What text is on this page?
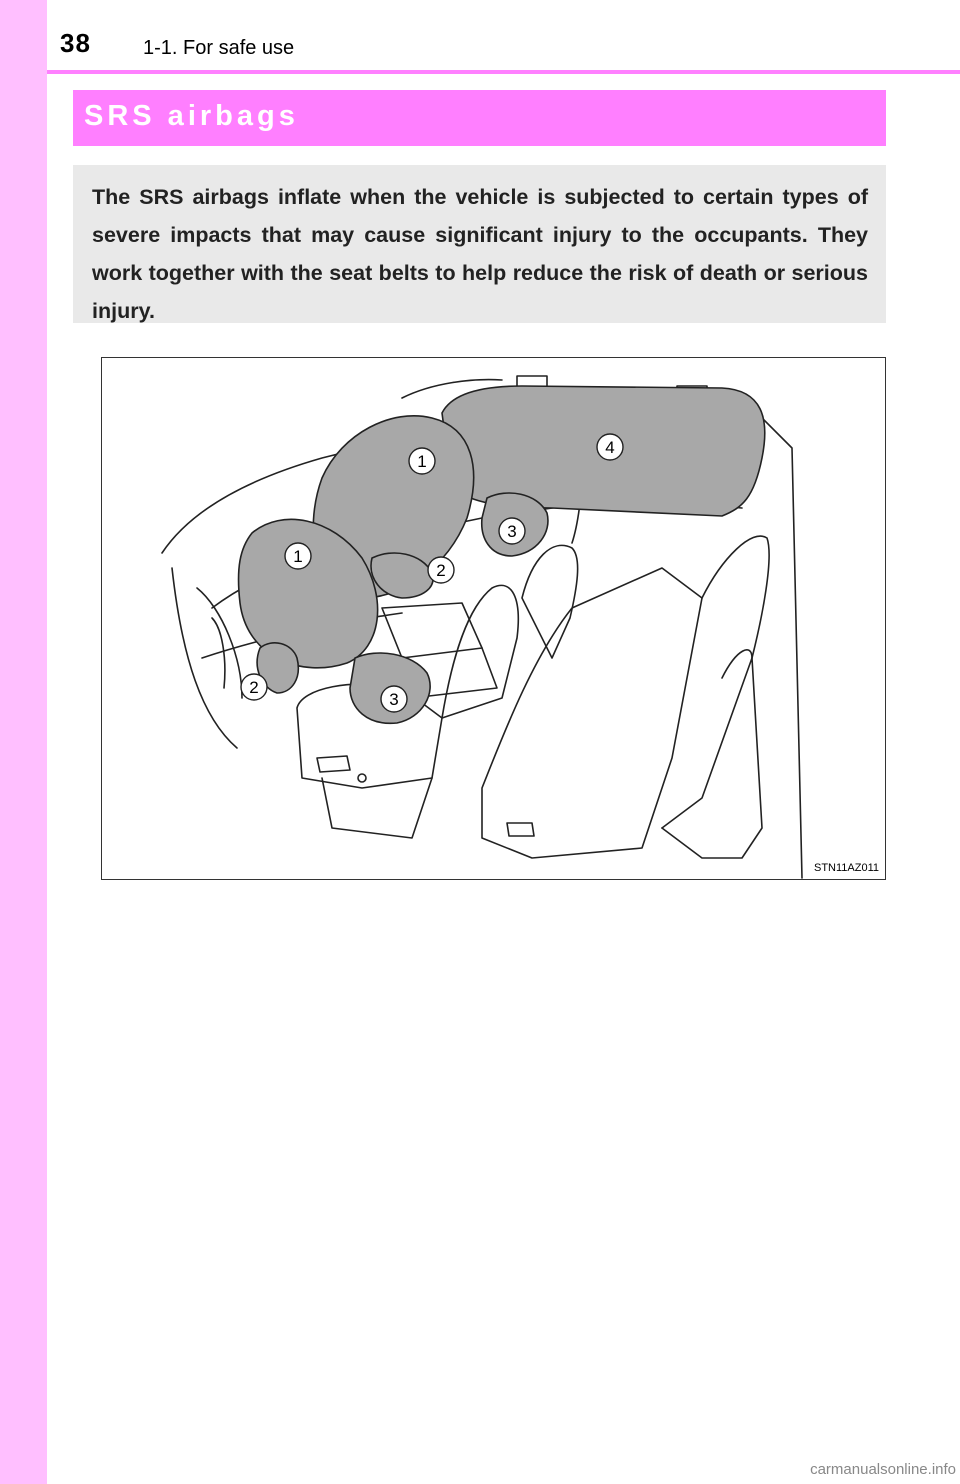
38	1-1. For safe use
SRS airbags
The SRS airbags inflate when the vehicle is subjected to certain types of severe impacts that may cause significant injury to the occupants. They work together with the seat belts to help reduce the risk of death or serious injury.
1
1
2
2
3
3
4
STN11AZ011
carmanualsonline.info
